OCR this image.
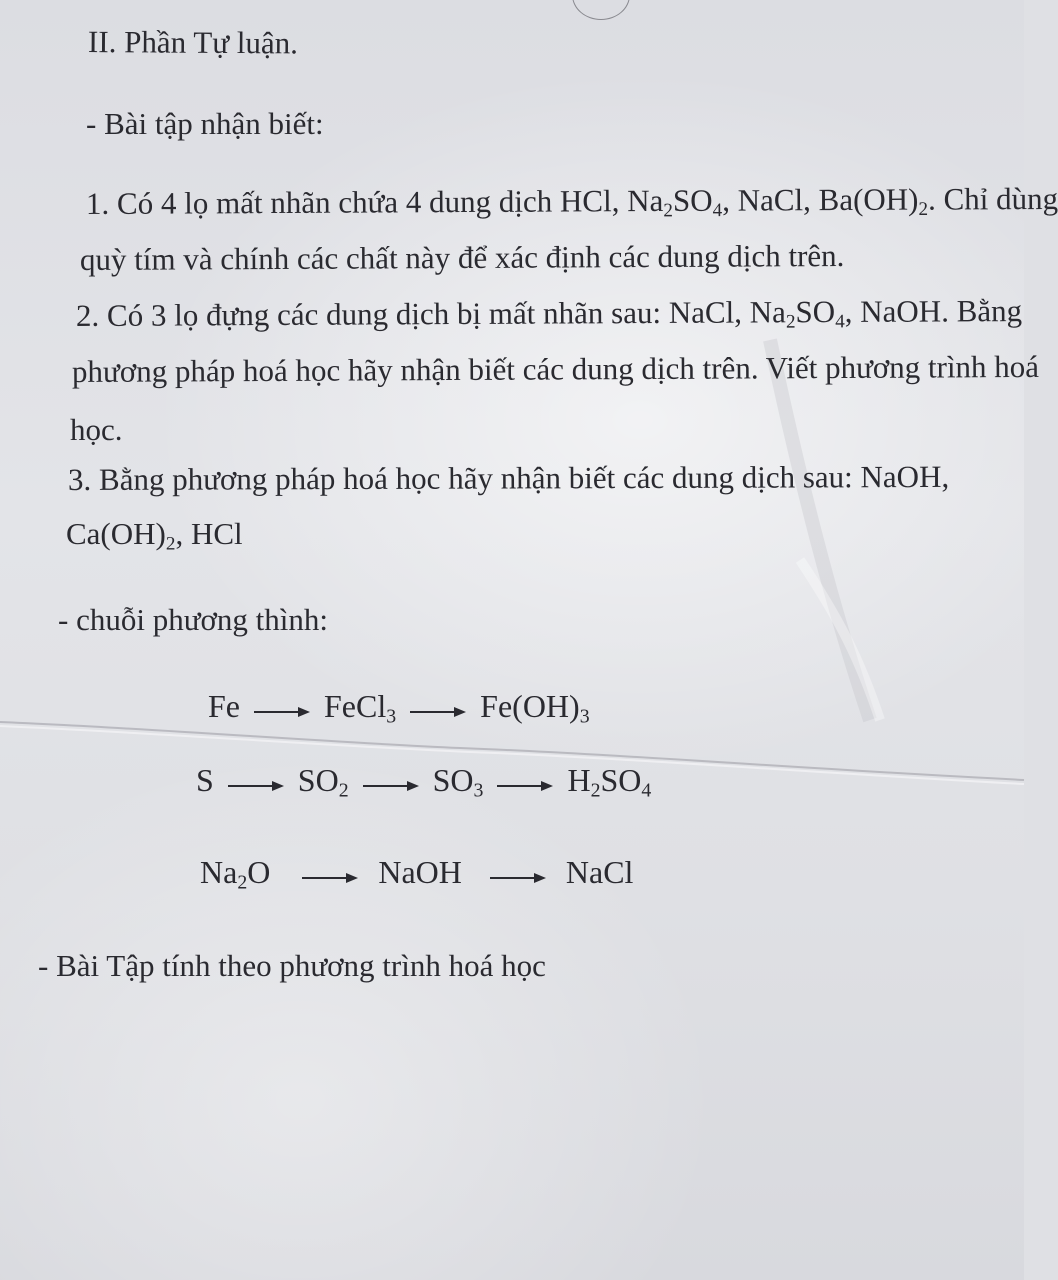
II. Phần Tự luận.
- Bài tập nhận biết:
1. Có 4 lọ mất nhãn chứa 4 dung dịch HCl, $Na_2SO_4$, NaCl, $Ba(OH)_2$. Chỉ dùng
quỳ tím và chính các chất này để xác định các dung dịch trên.
2. Có 3 lọ đựng các dung dịch bị mất nhãn sau: NaCl, $Na_2SO_4$, NaOH. Bằng
phương pháp hoá học hãy nhận biết các dung dịch trên. Viết phương trình hoá
học.
3. Bằng phương pháp hoá học hãy nhận biết các dung dịch sau: NaOH,
$Ca(OH)_2$, HCl
- chuỗi phương thình:
Fe	FeCl$_3$	$Fe(OH)_3$
S	$SO_2$	$SO_3$	$H_2SO_4$
$Na_2O$	NaOH	NaCl
- Bài Tập tính theo phương trình hoá học
